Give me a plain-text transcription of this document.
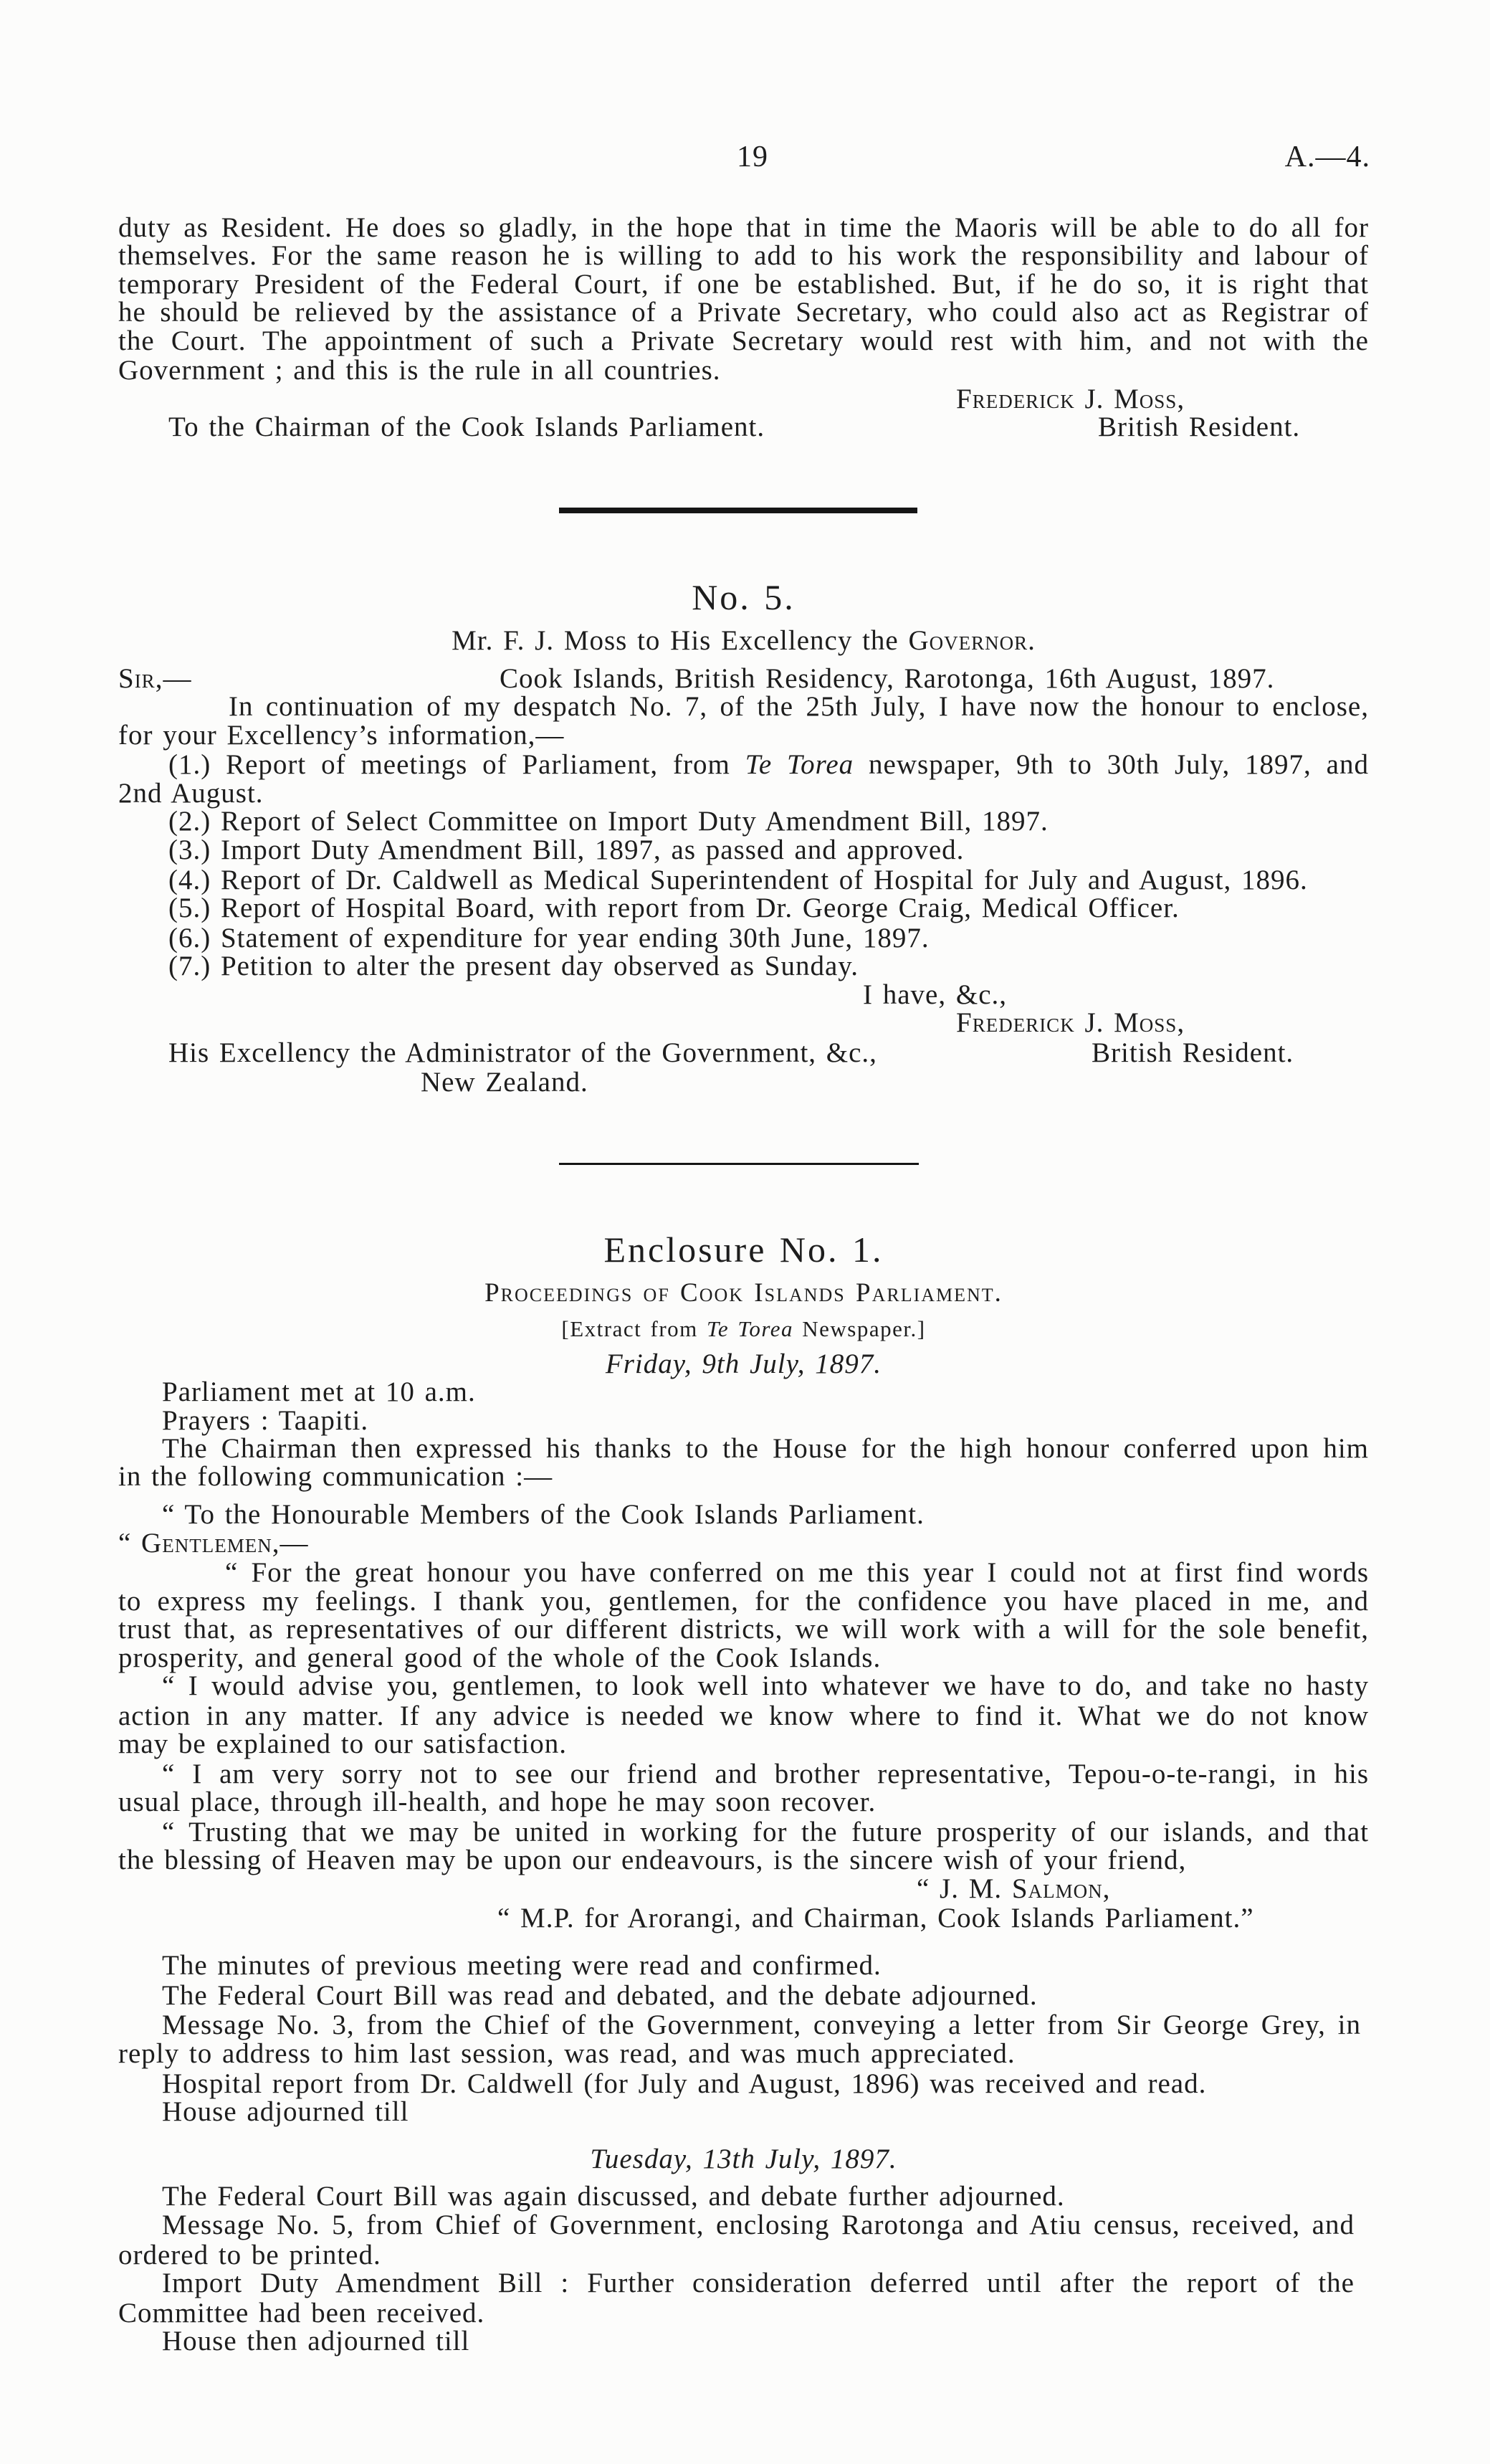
19	A.—4.
duty as Resident. He does so gladly, in the hope that in time the Maoris will be able to do all for
themselves. For the same reason he is willing to add to his work the responsibility and labour of
temporary President of the Federal Court, if one be established. But, if he do so, it is right that
he should be relieved by the assistance of a Private Secretary, who could also act as Registrar of
the Court. The appointment of such a Private Secretary would rest with him, and not with the
Government ; and this is the rule in all countries.
Frederick J. Moss,
To the Chairman of the Cook Islands Parliament.	British Resident.
No. 5.
Mr. F. J. Moss to His Excellency the Governor.
Sir,—	Cook Islands, British Residency, Rarotonga, 16th August, 1897.
In continuation of my despatch No. 7, of the 25th July, I have now the honour to enclose,
for your Excellency’s information,—
(1.) Report of meetings of Parliament, from Te Torea newspaper, 9th to 30th July, 1897, and
2nd August.
(2.) Report of Select Committee on Import Duty Amendment Bill, 1897.
(3.) Import Duty Amendment Bill, 1897, as passed and approved.
(4.) Report of Dr. Caldwell as Medical Superintendent of Hospital for July and August, 1896.
(5.) Report of Hospital Board, with report from Dr. George Craig, Medical Officer.
(6.) Statement of expenditure for year ending 30th June, 1897.
(7.) Petition to alter the present day observed as Sunday.
I have, &c.,
Frederick J. Moss,
His Excellency the Administrator of the Government, &c.,	British Resident.
New Zealand.
Enclosure No. 1.
Proceedings of Cook Islands Parliament.
[Extract from Te Torea Newspaper.]
Friday, 9th July, 1897.
Parliament met at 10 a.m.
Prayers : Taapiti.
The Chairman then expressed his thanks to the House for the high honour conferred upon him
in the following communication :—
“ To the Honourable Members of the Cook Islands Parliament.
“ Gentlemen,—
“ For the great honour you have conferred on me this year I could not at first find words
to express my feelings. I thank you, gentlemen, for the confidence you have placed in me, and
trust that, as representatives of our different districts, we will work with a will for the sole benefit,
prosperity, and general good of the whole of the Cook Islands.
“ I would advise you, gentlemen, to look well into whatever we have to do, and take no hasty
action in any matter. If any advice is needed we know where to find it. What we do not know
may be explained to our satisfaction.
“ I am very sorry not to see our friend and brother representative, Tepou-o-te-rangi, in his
usual place, through ill-health, and hope he may soon recover.
“ Trusting that we may be united in working for the future prosperity of our islands, and that
the blessing of Heaven may be upon our endeavours, is the sincere wish of your friend,
“ J. M. Salmon,
“ M.P. for Arorangi, and Chairman, Cook Islands Parliament.”
The minutes of previous meeting were read and confirmed.
The Federal Court Bill was read and debated, and the debate adjourned.
Message No. 3, from the Chief of the Government, conveying a letter from Sir George Grey, in
reply to address to him last session, was read, and was much appreciated.
Hospital report from Dr. Caldwell (for July and August, 1896) was received and read.
House adjourned till
Tuesday, 13th July, 1897.
The Federal Court Bill was again discussed, and debate further adjourned.
Message No. 5, from Chief of Government, enclosing Rarotonga and Atiu census, received, and
ordered to be printed.
Import Duty Amendment Bill : Further consideration deferred until after the report of the
Committee had been received.
House then adjourned till
